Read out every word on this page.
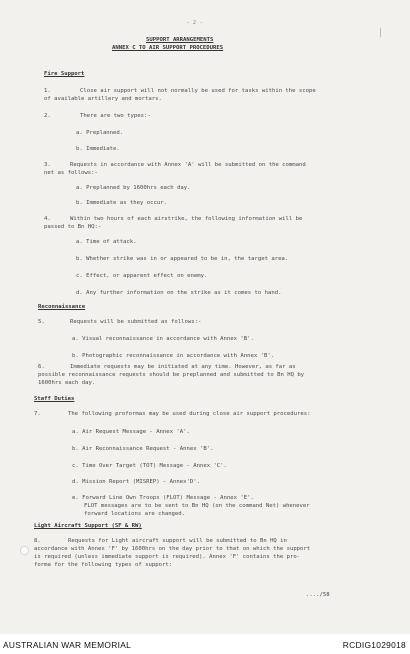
- 2 -
SUPPORT ARRANGEMENTS
ANNEX C TO AIR SUPPORT PROCEDURES
Fire Support
1.	Close air support will not normally be used for tasks within the scope
of available artillery and mortars.
2.	There are two types:-
a. Preplanned.
b. Immediate.
3.	Requests in accordance with Annex 'A' will be submitted on the command
net as follows:-
a. Preplanned by 1600hrs each day.
b. Immediate as they occur.
4.	Within two hours of each airstrike, the following information will be
passed to Bn HQ:-
a. Time of attack.
b. Whether strike was in or appeared to be in, the target area.
c. Effect, or apparent effect on enemy.
d. Any further information on the strike as it comes to hand.
Reconnaissance
5.	Requests will be submitted as follows:-
a. Visual reconnaissance in accordance with Annex 'B'.
b. Photographic reconnaissance in accordance with Annex 'B'.
6.	Immediate requests may be initiated at any time. However, as far as
possible reconnaissance requests should be preplanned and submitted to Bn HQ by
1600hrs each day.
Staff Duties
7.	The following proformas may be used during close air support procedures:
a. Air Request Message - Annex 'A'.
b. Air Reconnaissance Request - Annex 'B'.
c. Time Over Target (TOT) Message - Annex 'C'.
d. Mission Report (MISREP) - Annex'D'.
e. Forward Line Own Troops (FLOT) Message - Annex 'E'.
FLOT messages are to be sent to Bn HQ (on the command Net) whenever
forward locations are changed.
Light Aircraft Support (SF & RW)
8.	Requests for Light aircraft support will be submitted to Bn HQ in
accordance with Annex 'F' by 1600hrs on the day prior to that on which the support
is required (unless immediate support is required). Annex 'F' contains the pro-
forma for the following types of support:
..../58
AUSTRALIAN WAR MEMORIAL	RCDIG1029018
